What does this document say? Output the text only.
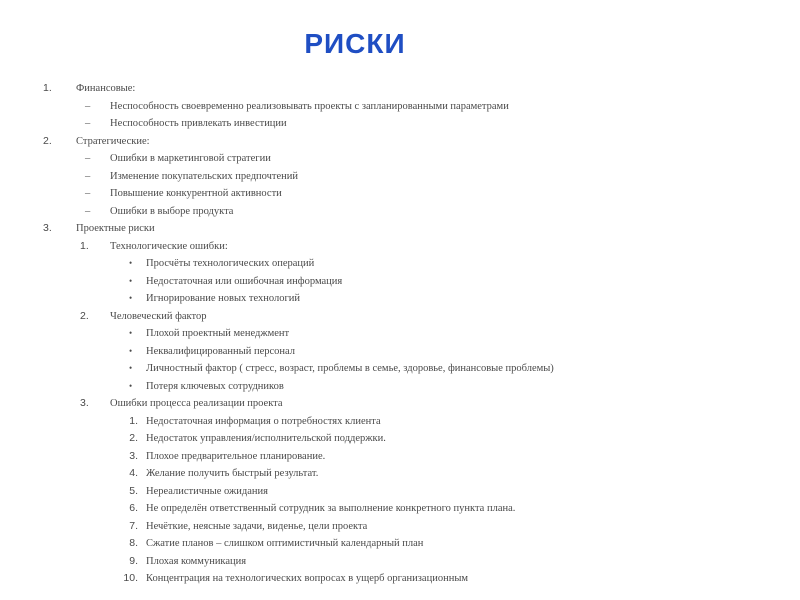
РИСКИ
1. Финансовые:
– Неспособность своевременно реализовывать проекты с запланированными параметрами
– Неспособность привлекать инвестиции
2. Стратегические:
– Ошибки в маркетинговой стратегии
– Изменение покупательских предпочтений
– Повышение конкурентной активности
– Ошибки в выборе продукта
3. Проектные риски
1. Технологические ошибки:
• Просчёты технологических операций
• Недостаточная или ошибочная информация
• Игнорирование новых технологий
2. Человеческий фактор
• Плохой проектный менеджмент
• Неквалифицированный персонал
• Личностный фактор ( стресс, возраст, проблемы в семье, здоровье, финансовые проблемы)
• Потеря ключевых сотрудников
3. Ошибки процесса реализации проекта
1. Недостаточная информация о потребностях клиента
2. Недостаток управления/исполнительской поддержки.
3. Плохое предварительное планирование.
4. Желание получить быстрый результат.
5. Нереалистичные ожидания
6. Не определён ответственный сотрудник за выполнение конкретного пункта плана.
7. Нечёткие, неясные задачи, виденье, цели проекта
8. Сжатие планов – слишком оптимистичный календарный план
9. Плохая коммуникация
10. Концентрация на технологических вопросах в ущерб организационным
